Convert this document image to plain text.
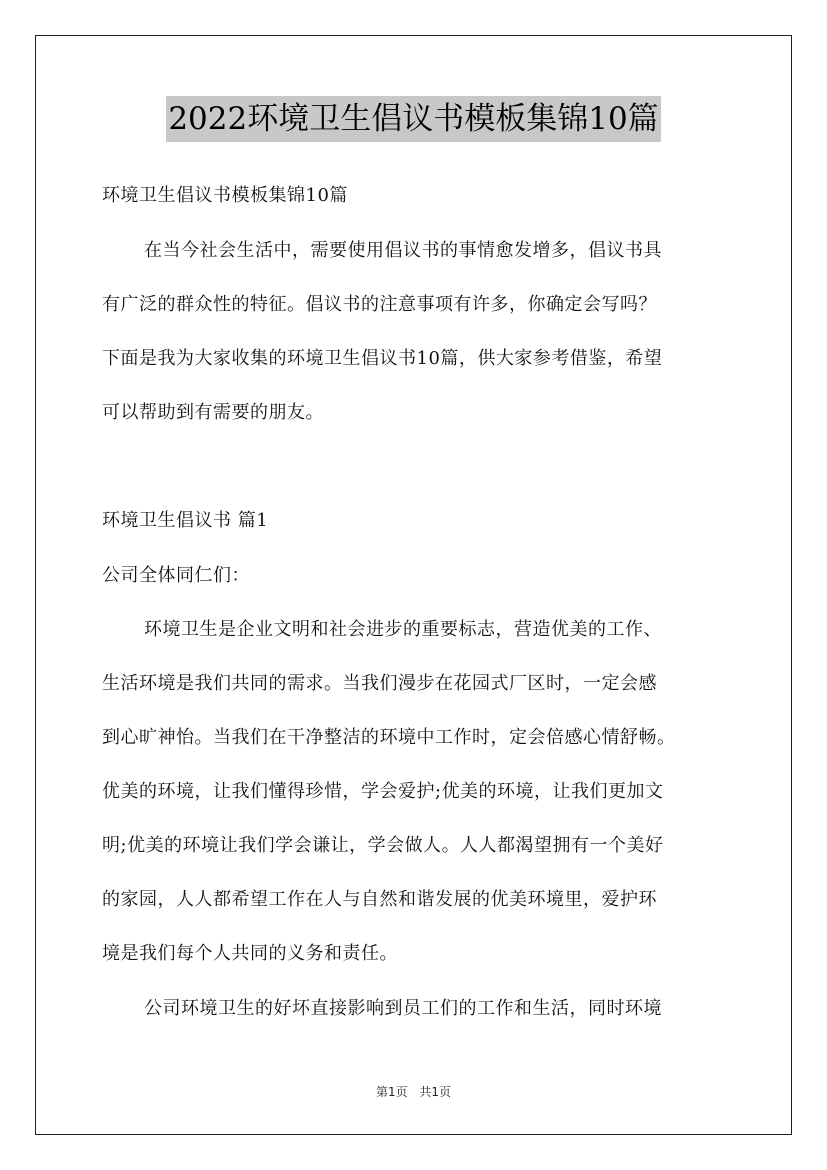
2022环境卫生倡议书模板集锦10篇
环境卫生倡议书模板集锦10篇
在当今社会生活中，需要使用倡议书的事情愈发增多，倡议书具
有广泛的群众性的特征。倡议书的注意事项有许多，你确定会写吗？
下面是我为大家收集的环境卫生倡议书10篇，供大家参考借鉴，希望
可以帮助到有需要的朋友。
环境卫生倡议书 篇1
公司全体同仁们：
环境卫生是企业文明和社会进步的重要标志，营造优美的工作、
生活环境是我们共同的需求。当我们漫步在花园式厂区时，一定会感
到心旷神怡。当我们在干净整洁的环境中工作时，定会倍感心情舒畅。
优美的环境，让我们懂得珍惜，学会爱护;优美的环境，让我们更加文
明;优美的环境让我们学会谦让，学会做人。人人都渴望拥有一个美好
的家园，人人都希望工作在人与自然和谐发展的优美环境里，爱护环
境是我们每个人共同的义务和责任。
公司环境卫生的好坏直接影响到员工们的工作和生活，同时环境
第1页 共1页
